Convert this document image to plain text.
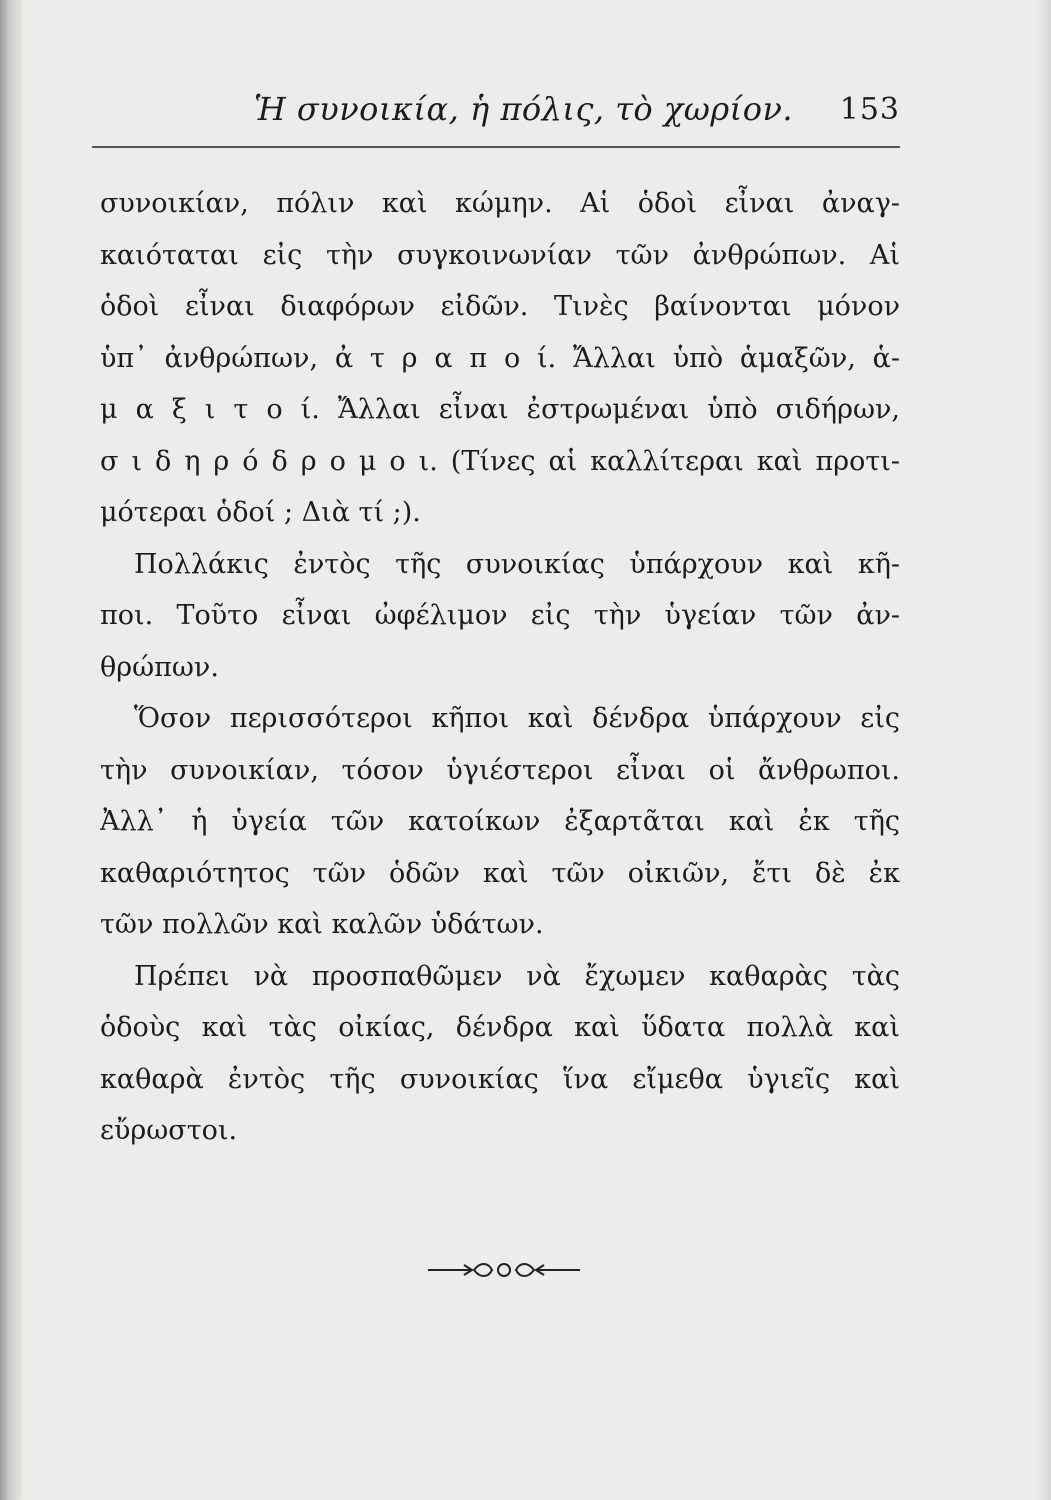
Ἡ συνοικία, ἡ πόλις, τὸ χωρίον. 153
συνοικίαν, πόλιν καὶ κώμην. Αἱ ὁδοὶ εἶναι ἀναγ-
καιόταται εἰς τὴν συγκοινωνίαν τῶν ἀνθρώπων. Αἱ
ὁδοὶ εἶναι διαφόρων εἰδῶν. Τινὲς βαίνονται μόνον
ὑπ᾽ ἀνθρώπων, ἀ τ ρ α π ο ί. Ἄλλαι ὑπὸ ἁμαξῶν, ἁ-
μ α ξ ι τ ο ί. Ἄλλαι εἶναι ἐστρωμέναι ὑπὸ σιδήρων,
σ ι δ η ρ ό δ ρ ο μ ο ι. (Τίνες αἱ καλλίτεραι καὶ προτι-
μότεραι ὁδοί ; Διὰ τί ;).
Πολλάκις ἐντὸς τῆς συνοικίας ὑπάρχουν καὶ κῆ-
ποι. Τοῦτο εἶναι ὠφέλιμον εἰς τὴν ὑγείαν τῶν ἀν-
θρώπων.
Ὅσον περισσότεροι κῆποι καὶ δένδρα ὑπάρχουν εἰς
τὴν συνοικίαν, τόσον ὑγιέστεροι εἶναι οἱ ἄνθρωποι.
Ἀλλ᾽ ἡ ὑγεία τῶν κατοίκων ἐξαρτᾶται καὶ ἐκ τῆς
καθαριότητος τῶν ὁδῶν καὶ τῶν οἰκιῶν, ἔτι δὲ ἐκ
τῶν πολλῶν καὶ καλῶν ὑδάτων.
Πρέπει νὰ προσπαθῶμεν νὰ ἔχωμεν καθαρὰς τὰς
ὁδοὺς καὶ τὰς οἰκίας, δένδρα καὶ ὕδατα πολλὰ καὶ
καθαρὰ ἐντὸς τῆς συνοικίας ἵνα εἴμεθα ὑγιεῖς καὶ
εὔρωστοι.
